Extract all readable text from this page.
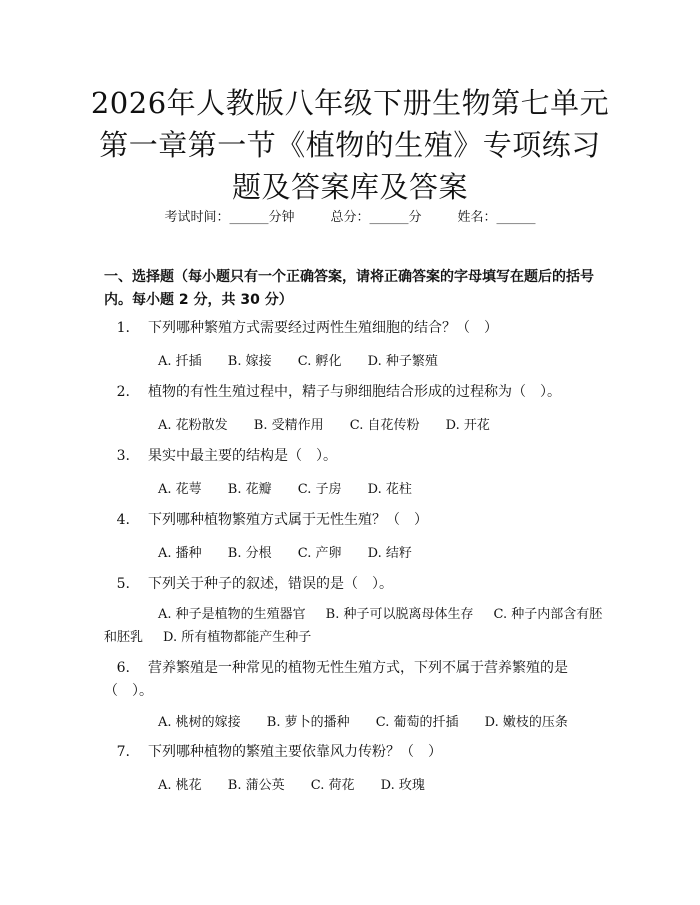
2026年人教版八年级下册生物第七单元第一章第一节《植物的生殖》专项练习题及答案库及答案
考试时间：______分钟	总分：______分	姓名：______
一、选择题（每小题只有一个正确答案，请将正确答案的字母填写在题后的括号内。每小题 2 分，共 30 分）
1. 下列哪种繁殖方式需要经过两性生殖细胞的结合？（　）
A. 扦插 B. 嫁接 C. 孵化 D. 种子繁殖
2. 植物的有性生殖过程中，精子与卵细胞结合形成的过程称为（　）。
A. 花粉散发 B. 受精作用 C. 自花传粉 D. 开花
3. 果实中最主要的结构是（　）。
A. 花萼 B. 花瓣 C. 子房 D. 花柱
4. 下列哪种植物繁殖方式属于无性生殖？（　）
A. 播种 B. 分根 C. 产卵 D. 结籽
5. 下列关于种子的叙述，错误的是（　）。
A. 种子是植物的生殖器官 B. 种子可以脱离母体生存 C. 种子内部含有胚和胚乳 D. 所有植物都能产生种子
6. 营养繁殖是一种常见的植物无性生殖方式，下列不属于营养繁殖的是（　）。
A. 桃树的嫁接 B. 萝卜的播种 C. 葡萄的扦插 D. 嫩枝的压条
7. 下列哪种植物的繁殖主要依靠风力传粉？（　）
A. 桃花 B. 蒲公英 C. 荷花 D. 玫瑰
